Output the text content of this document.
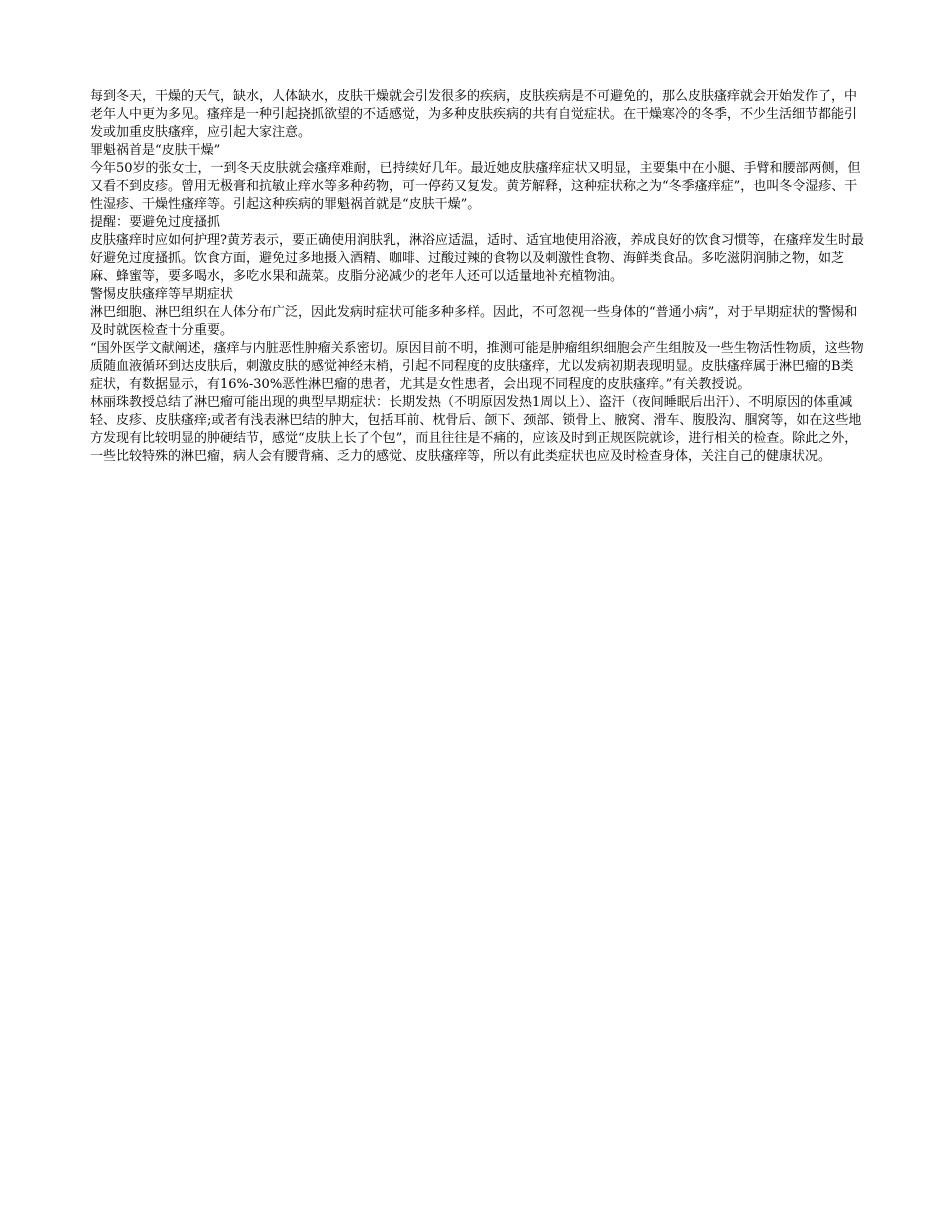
每到冬天，干燥的天气，缺水，人体缺水，皮肤干燥就会引发很多的疾病，皮肤疾病是不可避免的，那么皮肤瘙痒就会开始发作了，中老年人中更为多见。瘙痒是一种引起挠抓欲望的不适感觉，为多种皮肤疾病的共有自觉症状。在干燥寒冷的冬季，不少生活细节都能引发或加重皮肤瘙痒，应引起大家注意。

罪魁祸首是“皮肤干燥”

今年50岁的张女士，一到冬天皮肤就会瘙痒难耐，已持续好几年。最近她皮肤瘙痒症状又明显，主要集中在小腿、手臂和腰部两侧，但又看不到皮疹。曾用无极膏和抗敏止痒水等多种药物，可一停药又复发。黄芳解释，这种症状称之为“冬季瘙痒症”，也叫冬令湿疹、干性湿疹、干燥性瘙痒等。引起这种疾病的罪魁祸首就是“皮肤干燥”。

提醒：要避免过度搔抓

皮肤瘙痒时应如何护理?黄芳表示，要正确使用润肤乳，淋浴应适温，适时、适宜地使用浴液，养成良好的饮食习惯等，在瘙痒发生时最好避免过度搔抓。饮食方面，避免过多地摄入酒精、咖啡、过酸过辣的食物以及刺激性食物、海鲜类食品。多吃滋阴润肺之物，如芝麻、蜂蜜等，要多喝水，多吃水果和蔬菜。皮脂分泌减少的老年人还可以适量地补充植物油。

警惕皮肤瘙痒等早期症状

淋巴细胞、淋巴组织在人体分布广泛，因此发病时症状可能多种多样。因此，不可忽视一些身体的“普通小病”，对于早期症状的警惕和及时就医检查十分重要。

“国外医学文献阐述，瘙痒与内脏恶性肿瘤关系密切。原因目前不明，推测可能是肿瘤组织细胞会产生组胺及一些生物活性物质，这些物质随血液循环到达皮肤后，刺激皮肤的感觉神经末梢，引起不同程度的皮肤瘙痒，尤以发病初期表现明显。皮肤瘙痒属于淋巴瘤的B类症状，有数据显示，有16%-30%恶性淋巴瘤的患者，尤其是女性患者，会出现不同程度的皮肤瘙痒。”有关教授说。

林丽珠教授总结了淋巴瘤可能出现的典型早期症状：长期发热（不明原因发热1周以上）、盗汗（夜间睡眠后出汗）、不明原因的体重减轻、皮疹、皮肤瘙痒;或者有浅表淋巴结的肿大，包括耳前、枕骨后、颌下、颈部、锁骨上、腋窝、滑车、腹股沟、腘窝等，如在这些地方发现有比较明显的肿硬结节，感觉“皮肤上长了个包”，而且往往是不痛的，应该及时到正规医院就诊，进行相关的检查。除此之外，一些比较特殊的淋巴瘤，病人会有腰背痛、乏力的感觉、皮肤瘙痒等，所以有此类症状也应及时检查身体，关注自己的健康状况。
